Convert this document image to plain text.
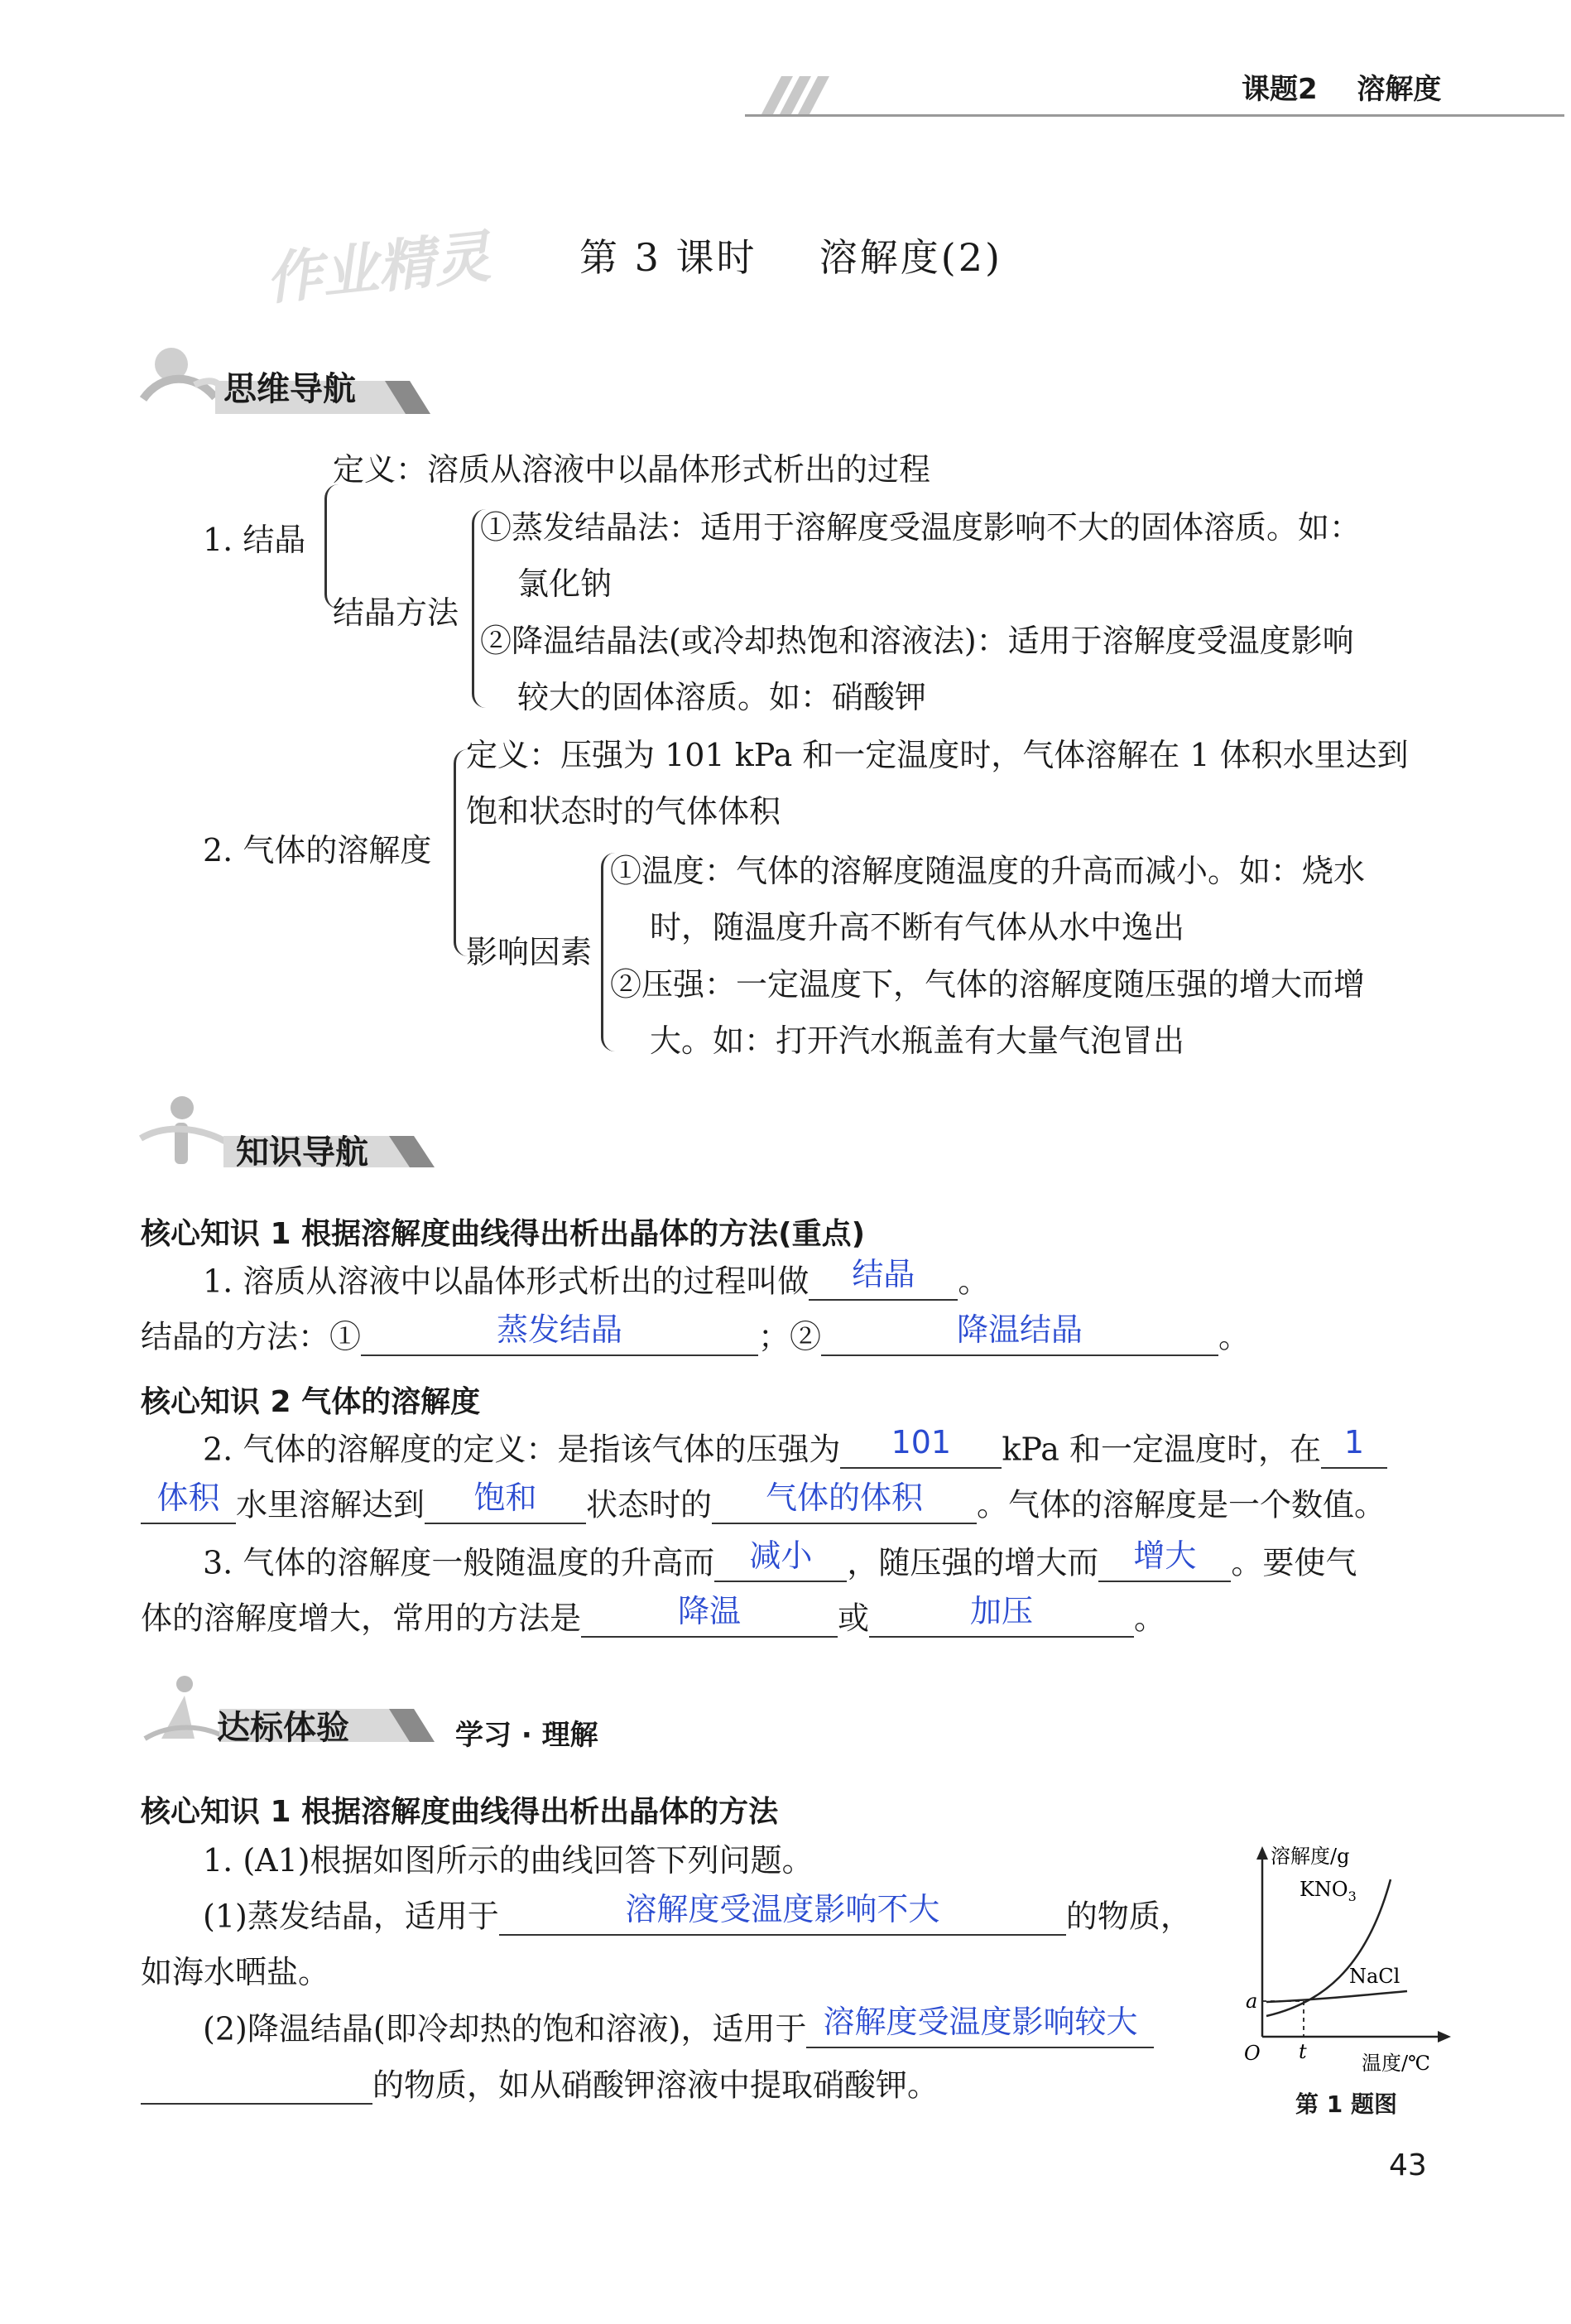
课题2 溶解度
作业精灵 第 3 课时 溶解度(2)
思维导航
1. 结晶
定义：溶质从溶液中以晶体形式析出的过程
结晶方法
①蒸发结晶法：适用于溶解度受温度影响不大的固体溶质。如：
氯化钠
②降温结晶法(或冷却热饱和溶液法)：适用于溶解度受温度影响
较大的固体溶质。如：硝酸钾
2. 气体的溶解度
定义：压强为 101 kPa 和一定温度时，气体溶解在 1 体积水里达到
饱和状态时的气体体积
影响因素
①温度：气体的溶解度随温度的升高而减小。如：烧水
时，随温度升高不断有气体从水中逸出
②压强：一定温度下，气体的溶解度随压强的增大而增
大。如：打开汽水瓶盖有大量气泡冒出
知识导航
核心知识 1 根据溶解度曲线得出析出晶体的方法(重点)
1. 溶质从溶液中以晶体形式析出的过程叫做	结晶	。
结晶的方法：①	蒸发结晶	；②	降温结晶	。
核心知识 2 气体的溶解度
2. 气体的溶解度的定义：是指该气体的压强为	101	kPa 和一定温度时，在 1
体积 水里溶解达到	饱和	状态时的	气体的体积	。气体的溶解度是一个数值。
3. 气体的溶解度一般随温度的升高而	减小	，随压强的增大而	增大	。要使气
体的溶解度增大，常用的方法是	降温	或	加压	。
达标体验	学习 · 理解
核心知识 1 根据溶解度曲线得出析出晶体的方法
1. (A1)根据如图所示的曲线回答下列问题。
(1)蒸发结晶，适用于	溶解度受温度影响不大	的物质，
如海水晒盐。
(2)降温结晶(即冷却热的饱和溶液)，适用于 溶解度受温度影响较大
的物质，如从硝酸钾溶液中提取硝酸钾。
溶解度/g
$KNO_3$
NaCl
a
O t	温度/℃
第 1 题图
43
